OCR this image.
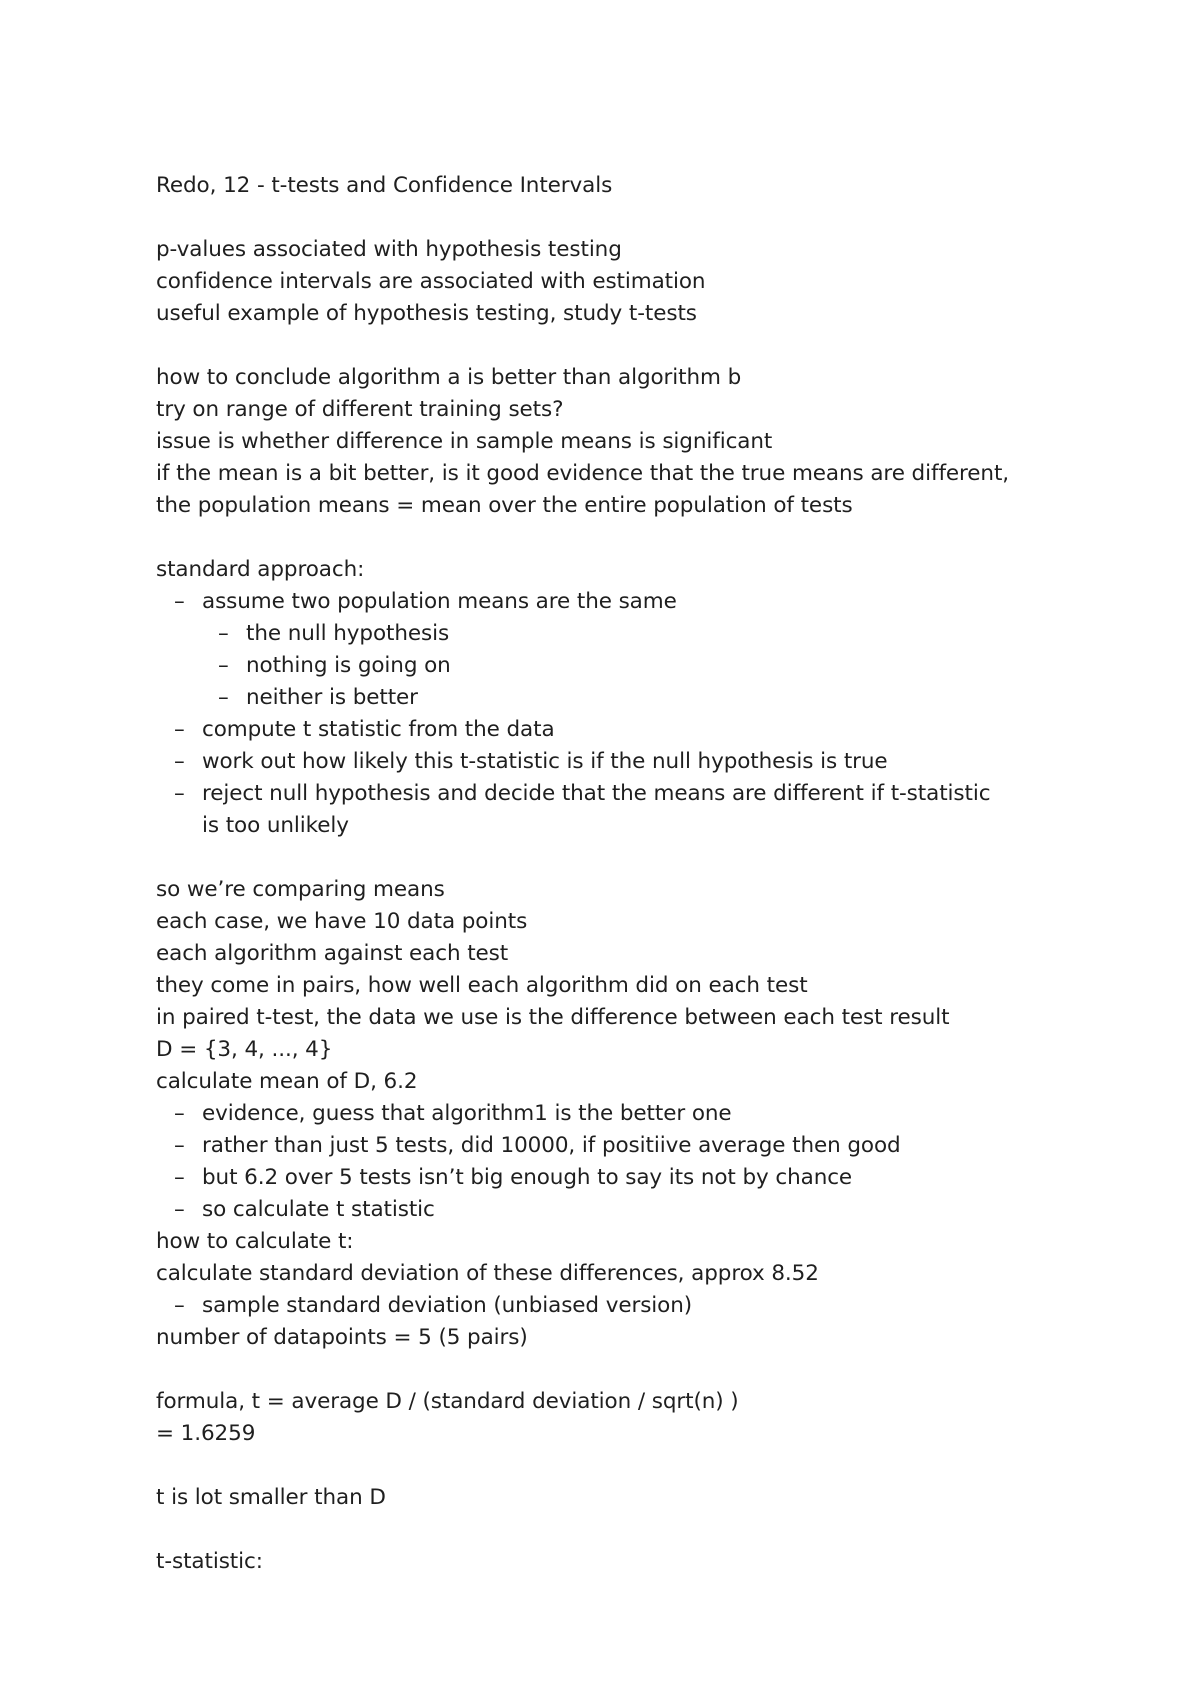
Redo, 12 - t-tests and Confidence Intervals
p-values associated with hypothesis testing
confidence intervals are associated with estimation
useful example of hypothesis testing, study t-tests
how to conclude algorithm a is better than algorithm b
try on range of different training sets?
issue is whether difference in sample means is significant
if the mean is a bit better, is it good evidence that the true means are different,
the population means = mean over the entire population of tests
standard approach:
– assume two population means are the same
– the null hypothesis
– nothing is going on
– neither is better
– compute t statistic from the data
– work out how likely this t-statistic is if the null hypothesis is true
– reject null hypothesis and decide that the means are different if t-statistic
is too unlikely
so we’re comparing means
each case, we have 10 data points
each algorithm against each test
they come in pairs, how well each algorithm did on each test
in paired t-test, the data we use is the difference between each test result
D = {3, 4, ..., 4}
calculate mean of D, 6.2
– evidence, guess that algorithm1 is the better one
– rather than just 5 tests, did 10000, if positiive average then good
– but 6.2 over 5 tests isn’t big enough to say its not by chance
– so calculate t statistic
how to calculate t:
calculate standard deviation of these differences, approx 8.52
– sample standard deviation (unbiased version)
number of datapoints = 5 (5 pairs)
formula, t = average D / (standard deviation / sqrt(n) )
= 1.6259
t is lot smaller than D
t-statistic:
